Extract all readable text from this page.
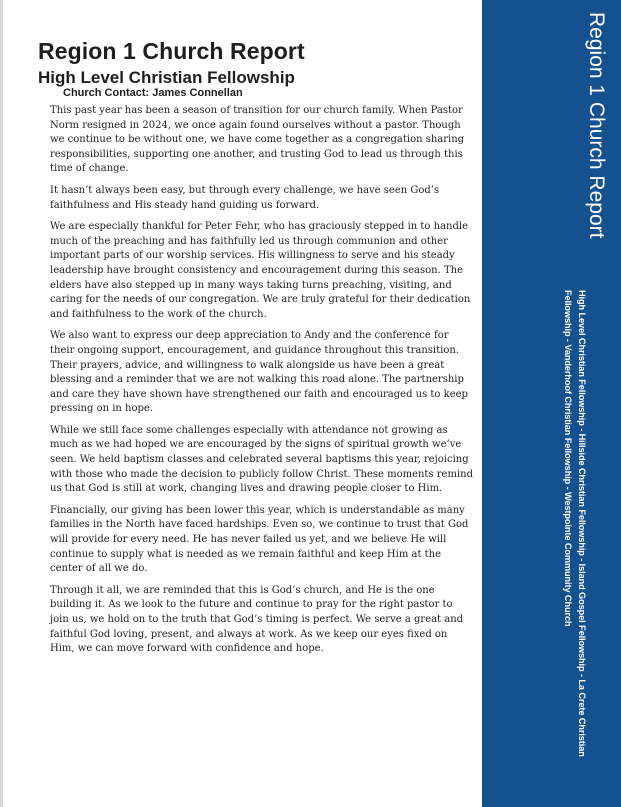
Region 1 Church Report
High Level Christian Fellowship
Church Contact: James Connellan

This past year has been a season of transition for our church family. When Pastor Norm resigned in 2024, we once again found ourselves without a pastor. Though we continue to be without one, we have come together as a congregation sharing responsibilities, supporting one another, and trusting God to lead us through this time of change.

It hasn’t always been easy, but through every challenge, we have seen God’s faithfulness and His steady hand guiding us forward.

We are especially thankful for Peter Fehr, who has graciously stepped in to handle much of the preaching and has faithfully led us through communion and other important parts of our worship services. His willingness to serve and his steady leadership have brought consistency and encouragement during this season. The elders have also stepped up in many ways taking turns preaching, visiting, and caring for the needs of our congregation. We are truly grateful for their dedication and faithfulness to the work of the church.

We also want to express our deep appreciation to Andy and the conference for their ongoing support, encouragement, and guidance throughout this transition. Their prayers, advice, and willingness to walk alongside us have been a great blessing and a reminder that we are not walking this road alone. The partnership and care they have shown have strengthened our faith and encouraged us to keep pressing on in hope.

While we still face some challenges especially with attendance not growing as much as we had hoped we are encouraged by the signs of spiritual growth we’ve seen. We held baptism classes and celebrated several baptisms this year, rejoicing with those who made the decision to publicly follow Christ. These moments remind us that God is still at work, changing lives and drawing people closer to Him.

Financially, our giving has been lower this year, which is understandable as many families in the North have faced hardships. Even so, we continue to trust that God will provide for every need. He has never failed us yet, and we believe He will continue to supply what is needed as we remain faithful and keep Him at the center of all we do.

Through it all, we are reminded that this is God’s church, and He is the one building it. As we look to the future and continue to pray for the right pastor to join us, we hold on to the truth that God’s timing is perfect. We serve a great and faithful God loving, present, and always at work. As we keep our eyes fixed on Him, we can move forward with confidence and hope.

Region 1 Church Report
High Level Christian Fellowship - Hillside Christian Fellowship - Island Gospel Fellowship - La Crete Christian Fellowship - Vanderhoof Christian Fellowship - Westpointe Community Church
